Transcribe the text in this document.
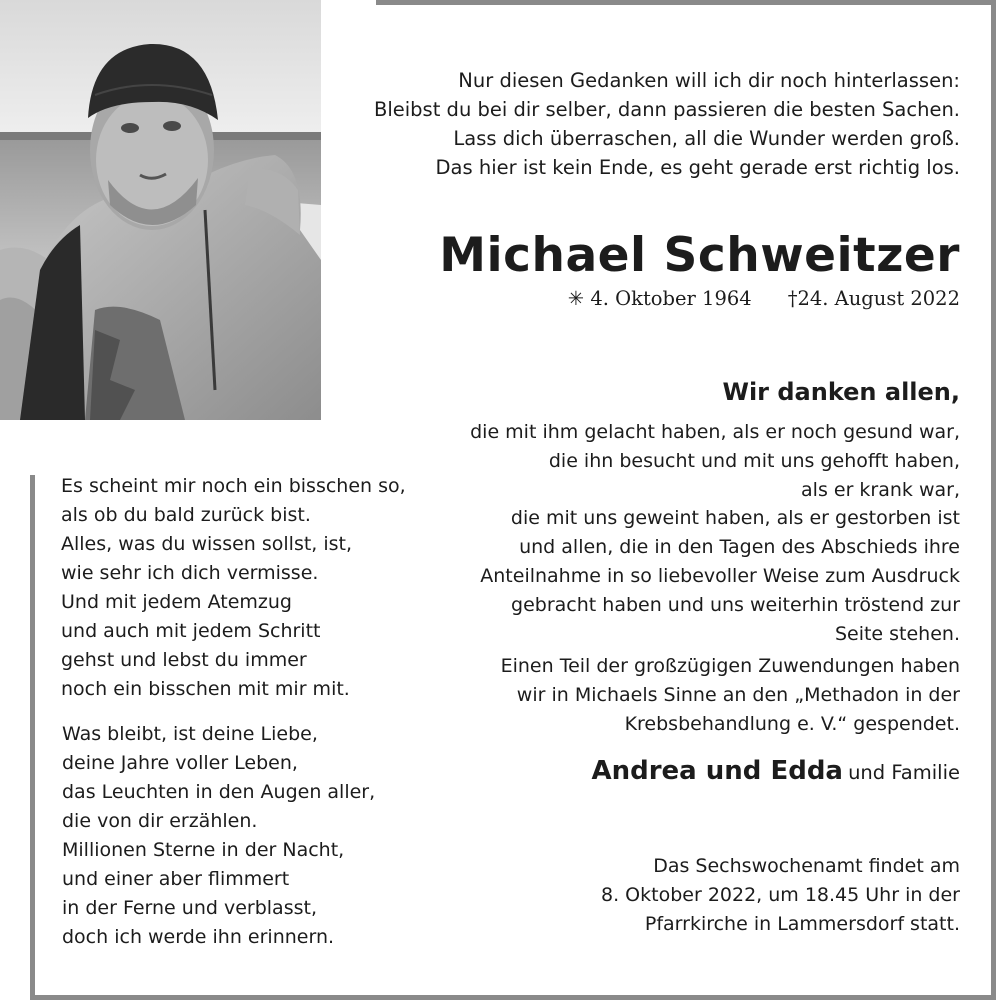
Nur diesen Gedanken will ich dir noch hinterlassen:
Bleibst du bei dir selber, dann passieren die besten Sachen.
Lass dich überraschen, all die Wunder werden groß.
Das hier ist kein Ende, es geht gerade erst richtig los.
Michael Schweitzer
✳ 4. Oktober 1964 †24. August 2022
Wir danken allen,
die mit ihm gelacht haben, als er noch gesund war,
die ihn besucht und mit uns gehofft haben,
als er krank war,
die mit uns geweint haben, als er gestorben ist
und allen, die in den Tagen des Abschieds ihre
Anteilnahme in so liebevoller Weise zum Ausdruck
gebracht haben und uns weiterhin tröstend zur
Seite stehen.
Einen Teil der großzügigen Zuwendungen haben
wir in Michaels Sinne an den „Methadon in der
Krebsbehandlung e. V.“ gespendet.
Andrea und Edda und Familie
Das Sechswochenamt findet am
8. Oktober 2022, um 18.45 Uhr in der
Pfarrkirche in Lammersdorf statt.
Es scheint mir noch ein bisschen so,
als ob du bald zurück bist.
Alles, was du wissen sollst, ist,
wie sehr ich dich vermisse.
Und mit jedem Atemzug
und auch mit jedem Schritt
gehst und lebst du immer
noch ein bisschen mit mir mit.
Was bleibt, ist deine Liebe,
deine Jahre voller Leben,
das Leuchten in den Augen aller,
die von dir erzählen.
Millionen Sterne in der Nacht,
und einer aber flimmert
in der Ferne und verblasst,
doch ich werde ihn erinnern.
